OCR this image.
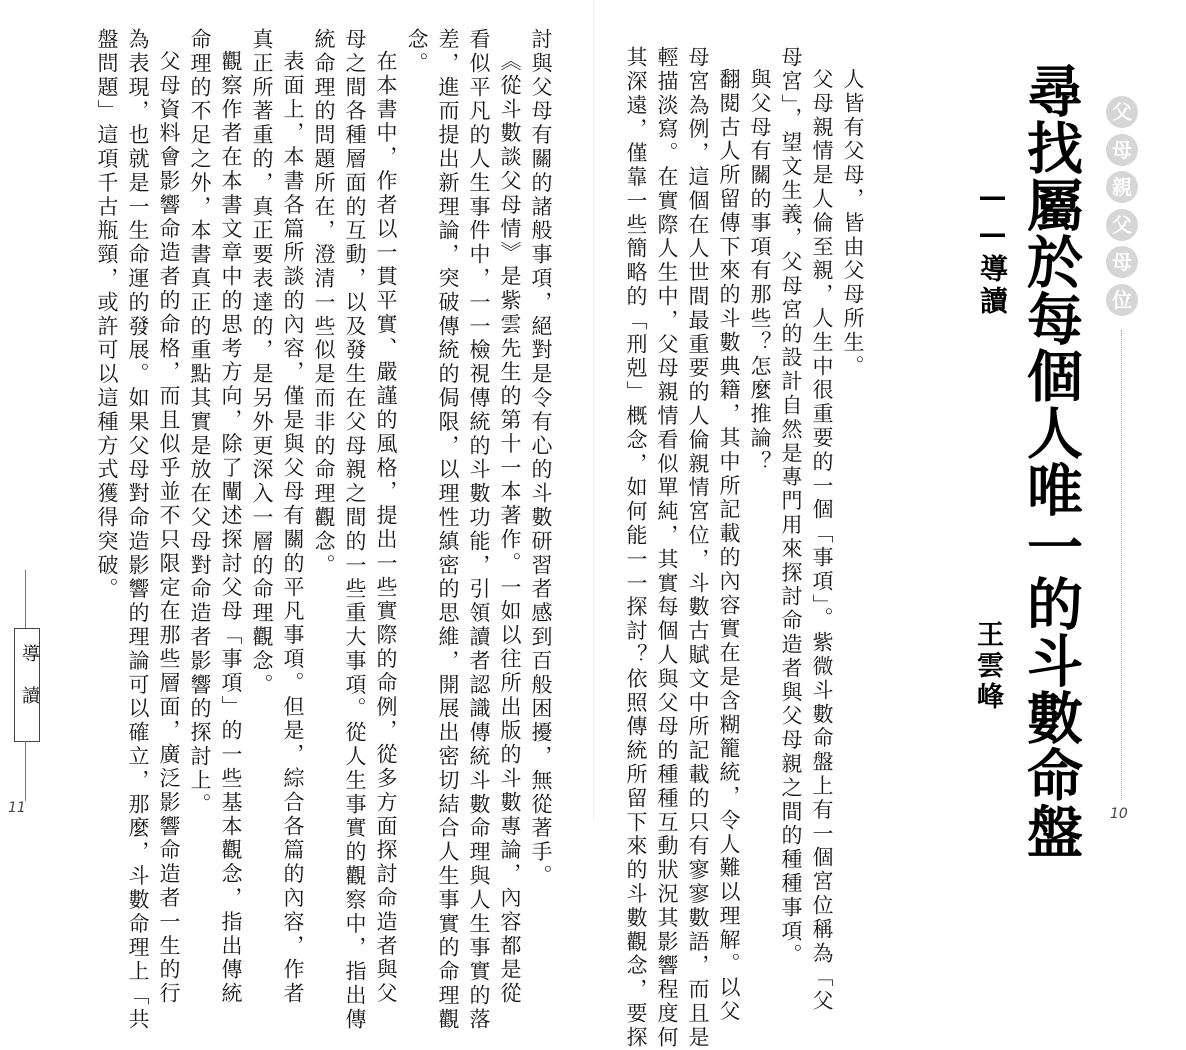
父
母
親
父
母
位
尋找屬於每個人唯一的斗數命盤
——導讀
王雲峰
人皆有父母，皆由父母所生。
父母親情是人倫至親，人生中很重要的一個「事項」。紫微斗數命盤上有一個宮位稱為「父
母宮」，望文生義，父母宮的設計自然是專門用來探討命造者與父母親之間的種種事項。
與父母有關的事項有那些？怎麼推論？
翻閱古人所留傳下來的斗數典籍，其中所記載的內容實在是含糊籠統，令人難以理解。以父
母宮為例，這個在人世間最重要的人倫親情宮位，斗數古賦文中所記載的只有寥寥數語，而且是
輕描淡寫。在實際人生中，父母親情看似單純，其實每個人與父母的種種互動狀況其影響程度何
其深遠，僅靠一些簡略的「刑剋」概念，如何能一一探討？依照傳統所留下來的斗數觀念，要探	10
討與父母有關的諸般事項，絕對是令有心的斗數研習者感到百般困擾，無從著手。
《從斗數談父母情》是紫雲先生的第十一本著作。一如以往所出版的斗數專論，內容都是從
看似平凡的人生事件中，一一檢視傳統的斗數功能，引領讀者認識傳統斗數命理與人生事實的落
差，進而提出新理論，突破傳統的侷限，以理性縝密的思維，開展出密切結合人生事實的命理觀
念。
在本書中，作者以一貫平實、嚴謹的風格，提出一些實際的命例，從多方面探討命造者與父
母之間各種層面的互動，以及發生在父母親之間的一些重大事項。從人生事實的觀察中，指出傳
統命理的問題所在，澄清一些似是而非的命理觀念。
表面上，本書各篇所談的內容，僅是與父母有關的平凡事項。但是，綜合各篇的內容，作者
真正所著重的，真正要表達的，是另外更深入一層的命理觀念。
觀察作者在本書文章中的思考方向，除了闡述探討父母「事項」的一些基本觀念，指出傳統
命理的不足之外，本書真正的重點其實是放在父母對命造者影響的探討上。
父母資料會影響命造者的命格，而且似乎並不只限定在那些層面，廣泛影響命造者一生的行
為表現，也就是一生命運的發展。如果父母對命造影響的理論可以確立，那麼，斗數命理上「共
盤問題」這項千古瓶頸，或許可以這種方式獲得突破。
導讀
11
